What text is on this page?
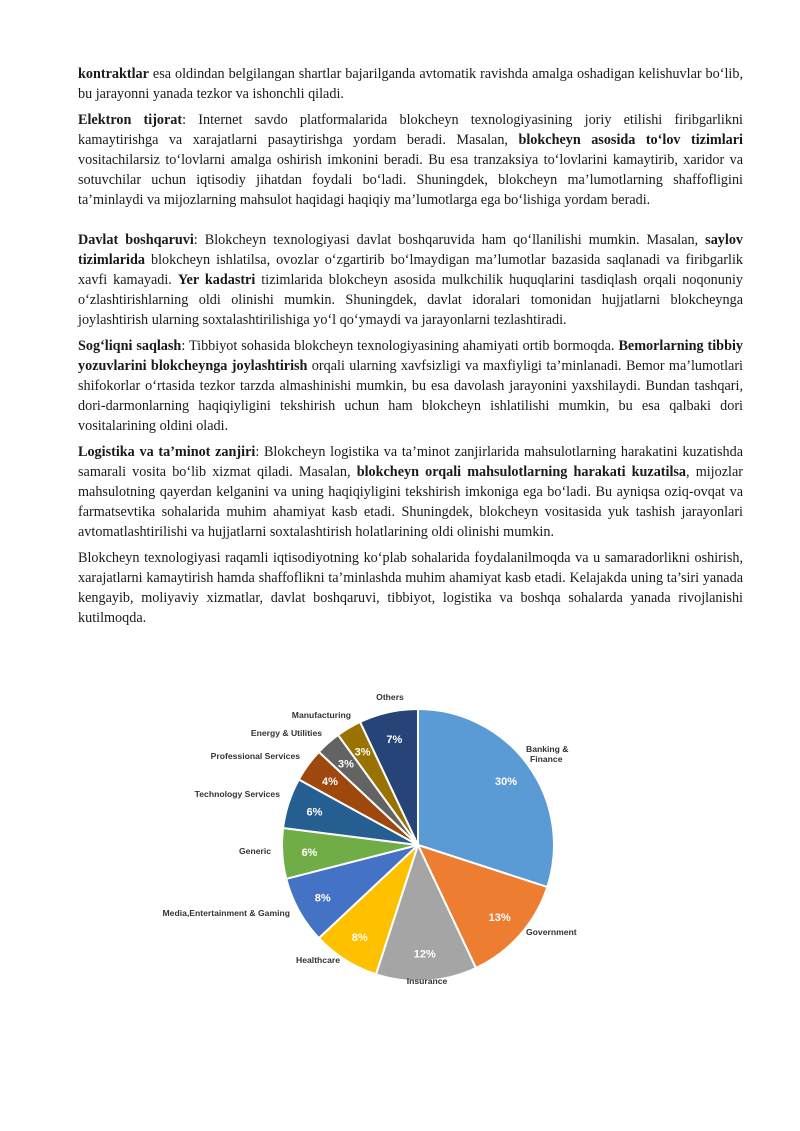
kontraktlar esa oldindan belgilangan shartlar bajarilganda avtomatik ravishda amalga oshadigan kelishuvlar bo‘lib, bu jarayonni yanada tezkor va ishonchli qiladi.

Elektron tijorat: Internet savdo platformalarida blokcheyn texnologiyasining joriy etilishi firibgarlikni kamaytirishga va xarajatlarni pasaytirishga yordam beradi. Masalan, blokcheyn asosida to‘lov tizimlari vositachilarsiz to‘lovlarni amalga oshirish imkonini beradi. Bu esa tranzaksiya to‘lovlarini kamaytirib, xaridor va sotuvchilar uchun iqtisodiy jihatdan foydali bo‘ladi. Shuningdek, blokcheyn ma’lumotlarning shaffofligini ta’minlaydi va mijozlarning mahsulot haqidagi haqiqiy ma’lumotlarga ega bo‘lishiga yordam beradi.

Davlat boshqaruvi: Blokcheyn texnologiyasi davlat boshqaruvida ham qo‘llanilishi mumkin. Masalan, saylov tizimlarida blokcheyn ishlatilsa, ovozlar o‘zgartirib bo‘lmaydigan ma’lumotlar bazasida saqlanadi va firibgarlik xavfi kamayadi. Yer kadastri tizimlarida blokcheyn asosida mulkchilik huquqlarini tasdiqlash orqali noqonuniy o‘zlashtirishlarning oldi olinishi mumkin. Shuningdek, davlat idoralari tomonidan hujjatlarni blokcheynga joylashtirish ularning soxtalashtirilishiga yo‘l qo‘ymaydi va jarayonlarni tezlashtiradi.

Sog‘liqni saqlash: Tibbiyot sohasida blokcheyn texnologiyasining ahamiyati ortib bormoqda. Bemorlarning tibbiy yozuvlarini blokcheynga joylashtirish orqali ularning xavfsizligi va maxfiyligi ta’minlanadi. Bemor ma’lumotlari shifokorlar o‘rtasida tezkor tarzda almashinishi mumkin, bu esa davolash jarayonini yaxshilaydi. Bundan tashqari, dori-darmonlarning haqiqiyligini tekshirish uchun ham blokcheyn ishlatilishi mumkin, bu esa qalbaki dori vositalarining oldini oladi.

Logistika va ta’minot zanjiri: Blokcheyn logistika va ta’minot zanjirlarida mahsulotlarning harakatini kuzatishda samarali vosita bo‘lib xizmat qiladi. Masalan, blokcheyn orqali mahsulotlarning harakati kuzatilsa, mijozlar mahsulotning qayerdan kelganini va uning haqiqiyligini tekshirish imkoniga ega bo‘ladi. Bu ayniqsa oziq-ovqat va farmatsevtika sohalarida muhim ahamiyat kasb etadi. Shuningdek, blokcheyn vositasida yuk tashish jarayonlari avtomatlashtirilishi va hujjatlarni soxtalashtirish holatlarining oldi olinishi mumkin.

Blokcheyn texnologiyasi raqamli iqtisodiyotning ko‘plab sohalarida foydalanilmoqda va u samaradorlikni oshirish, xarajatlarni kamaytirish hamda shaffoflikni ta’minlashda muhim ahamiyat kasb etadi. Kelajakda uning ta’siri yanada kengayib, moliyaviy xizmatlar, davlat boshqaruvi, tibbiyot, logistika va boshqa sohalarda yanada rivojlanishi kutilmoqda.

30%
Banking &
Finance
13%
Government
12%
Insurance
8%
Healthcare
8%
Media,Entertainment & Gaming
6%
Generic
6%
Technology Services
4%
Professional Services
3%
Energy & Utilities
3%
Manufacturing
7%
Others
